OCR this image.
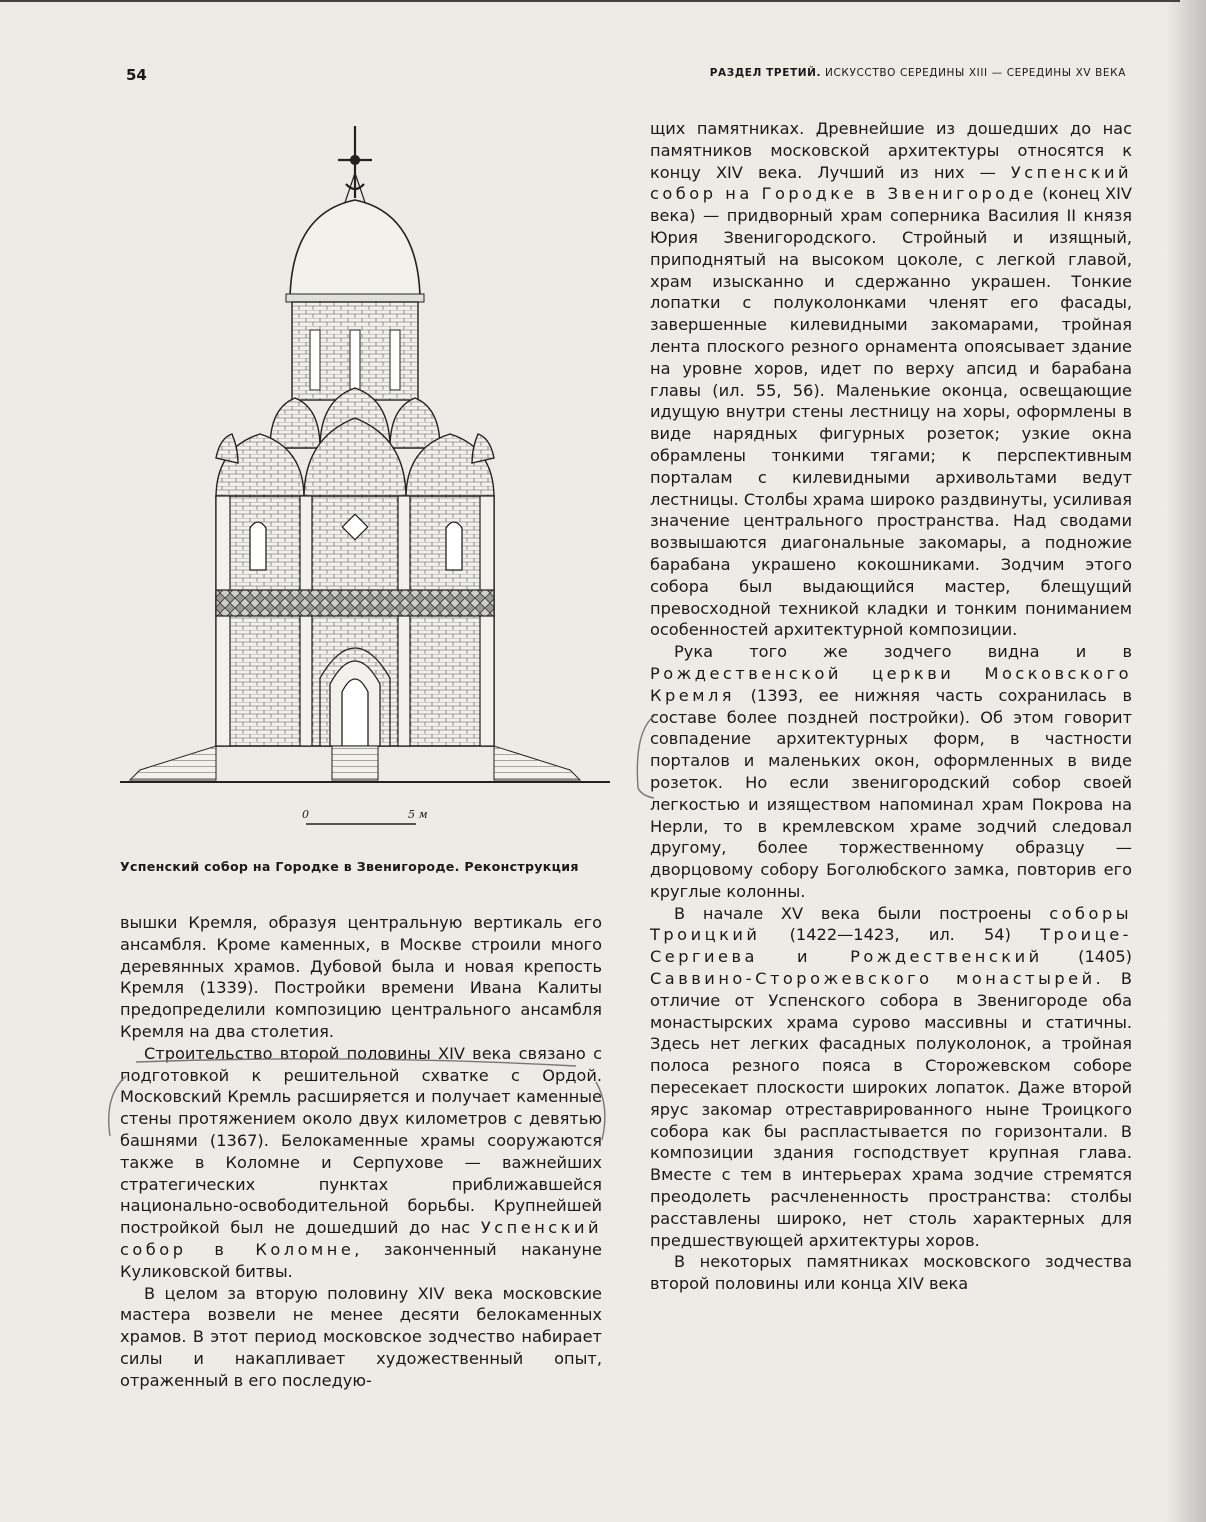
54	РАЗДЕЛ ТРЕТИЙ. ИСКУССТВО СЕРЕДИНЫ XIII — СЕРЕДИНЫ XV ВЕКА
0	5 м
Успенский собор на Городке в Звенигороде. Реконструкция

вышки Кремля, образуя центральную вертикаль его ансамбля. Кроме каменных, в Москве строили много деревянных храмов. Дубовой была и новая крепость Кремля (1339). Постройки времени Ивана Калиты предопределили композицию центрального ансамбля Кремля на два столетия.

Строительство второй половины XIV века связано с подготовкой к решительной схватке с Ордой. Московский Кремль расширяется и получает каменные стены протяжением около двух километров с девятью башнями (1367). Белокаменные храмы сооружаются также в Коломне и Серпухове — важнейших стратегических пунктах приближавшейся национально-освободительной борьбы. Крупнейшей постройкой был не дошедший до нас Успенский собор в Коломне, законченный накануне Куликовской битвы.

В целом за вторую половину XIV века московские мастера возвели не менее десяти белокаменных храмов. В этот период московское зодчество набирает силы и накапливает художественный опыт, отраженный в его последую-

щих памятниках. Древнейшие из дошедших до нас памятников московской архитектуры относятся к концу XIV века. Лучший из них — Успенский собор на Городке в Звенигороде (конец XIV века) — придворный храм соперника Василия II князя Юрия Звенигородского. Стройный и изящный, приподнятый на высоком цоколе, с легкой главой, храм изысканно и сдержанно украшен. Тонкие лопатки с полуколонками членят его фасады, завершенные килевидными закомарами, тройная лента плоского резного орнамента опоясывает здание на уровне хоров, идет по верху апсид и барабана главы (ил. 55, 56). Маленькие оконца, освещающие идущую внутри стены лестницу на хоры, оформлены в виде нарядных фигурных розеток; узкие окна обрамлены тонкими тягами; к перспективным порталам с килевидными архивольтами ведут лестницы. Столбы храма широко раздвинуты, усиливая значение центрального пространства. Над сводами возвышаются диагональные закомары, а подножие барабана украшено кокошниками. Зодчим этого собора был выдающийся мастер, блещущий превосходной техникой кладки и тонким пониманием особенностей архитектурной композиции.

Рука того же зодчего видна и в Рождественской церкви Московского Кремля (1393, ее нижняя часть сохранилась в составе более поздней постройки). Об этом говорит совпадение архитектурных форм, в частности порталов и маленьких окон, оформленных в виде розеток. Но если звенигородский собор своей легкостью и изяществом напоминал храм Покрова на Нерли, то в кремлевском храме зодчий следовал другому, более торжественному образцу — дворцовому собору Боголюбского замка, повторив его круглые колонны.

В начале XV века были построены соборы Троицкий (1422—1423, ил. 54) Троице-Сергиева и Рождественский (1405) Саввино-Сторожевского монастырей. В отличие от Успенского собора в Звенигороде оба монастырских храма сурово массивны и статичны. Здесь нет легких фасадных полуколонок, а тройная полоса резного пояса в Сторожевском соборе пересекает плоскости широких лопаток. Даже второй ярус закомар отреставрированного ныне Троицкого собора как бы распластывается по горизонтали. В композиции здания господствует крупная глава. Вместе с тем в интерьерах храма зодчие стремятся преодолеть расчлененность пространства: столбы расставлены широко, нет столь характерных для предшествующей архитектуры хоров.

В некоторых памятниках московского зодчества второй половины или конца XIV века
